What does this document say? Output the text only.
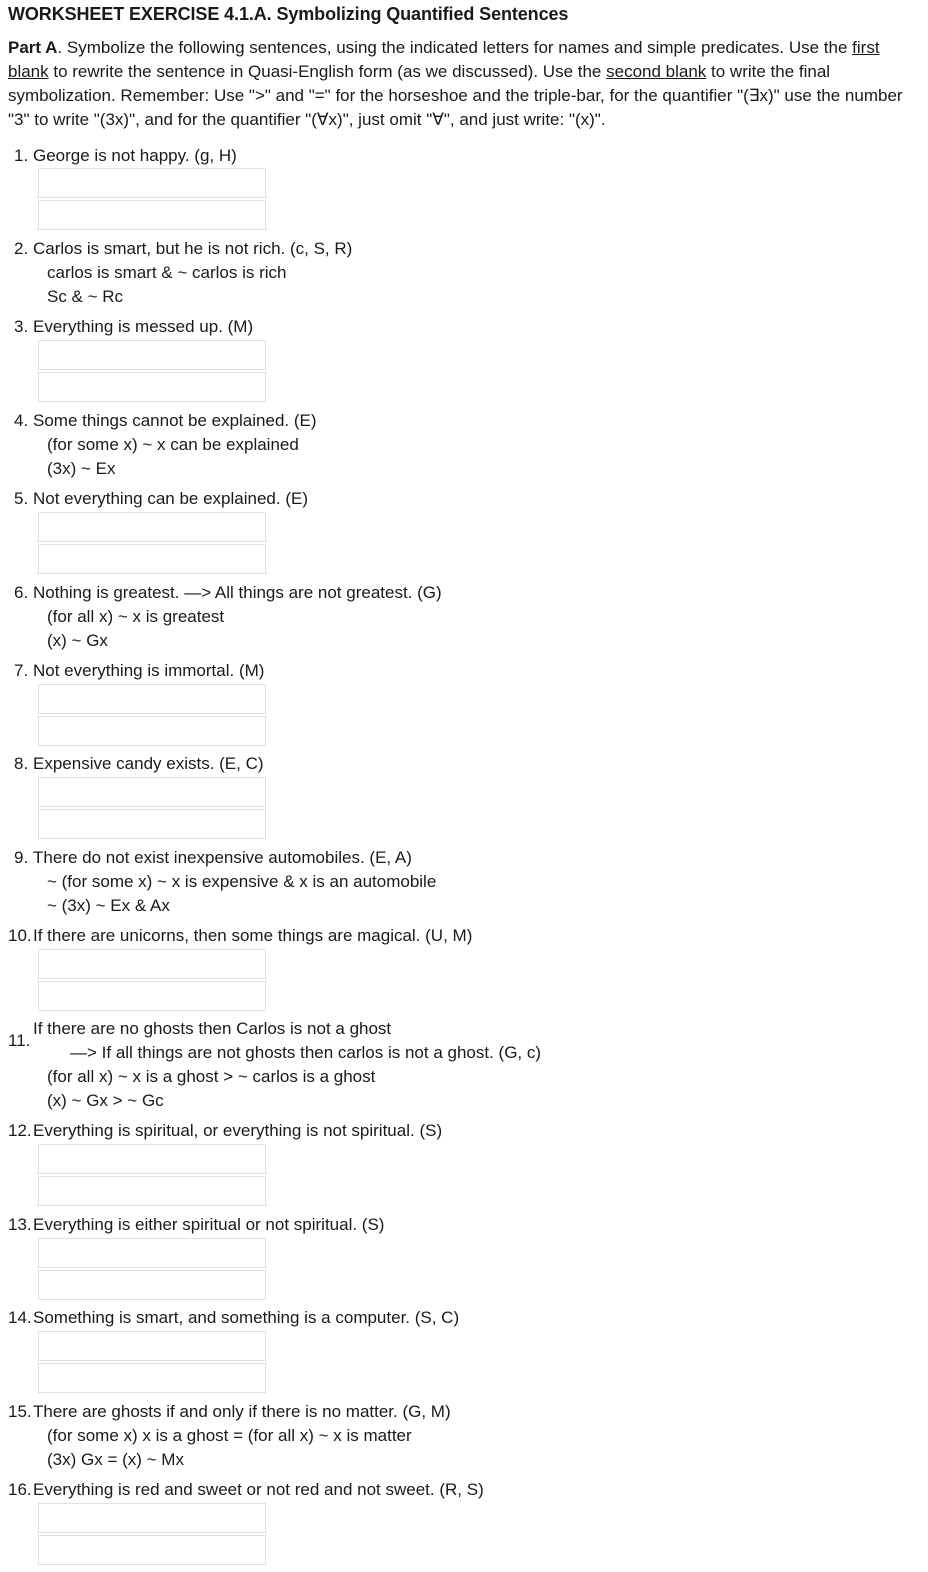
WORKSHEET EXERCISE 4.1.A. Symbolizing Quantified Sentences
Part A. Symbolize the following sentences, using the indicated letters for names and simple predicates. Use the first blank to rewrite the sentence in Quasi-English form (as we discussed). Use the second blank to write the final symbolization. Remember: Use ">" and "=" for the horseshoe and the triple-bar, for the quantifier "(∃x)" use the number "3" to write "(3x)", and for the quantifier "(∀x)", just omit "∀", and just write: "(x)".
1. George is not happy. (g, H)
2. Carlos is smart, but he is not rich. (c, S, R)
carlos is smart & ~ carlos is rich
Sc & ~ Rc
3. Everything is messed up. (M)
4. Some things cannot be explained. (E)
(for some x) ~ x can be explained
(3x) ~ Ex
5. Not everything can be explained. (E)
6. Nothing is greatest. —> All things are not greatest. (G)
(for all x) ~ x is greatest
(x) ~ Gx
7. Not everything is immortal. (M)
8. Expensive candy exists. (E, C)
9. There do not exist inexpensive automobiles. (E, A)
~ (for some x) ~ x is expensive & x is an automobile
~ (3x) ~ Ex & Ax
10. If there are unicorns, then some things are magical. (U, M)
11.
If there are no ghosts then Carlos is not a ghost
—> If all things are not ghosts then carlos is not a ghost. (G, c)
(for all x) ~ x is a ghost > ~ carlos is a ghost
(x) ~ Gx > ~ Gc
12. Everything is spiritual, or everything is not spiritual. (S)
13. Everything is either spiritual or not spiritual. (S)
14. Something is smart, and something is a computer. (S, C)
15. There are ghosts if and only if there is no matter. (G, M)
(for some x) x is a ghost = (for all x) ~ x is matter
(3x) Gx = (x) ~ Mx
16. Everything is red and sweet or not red and not sweet. (R, S)
